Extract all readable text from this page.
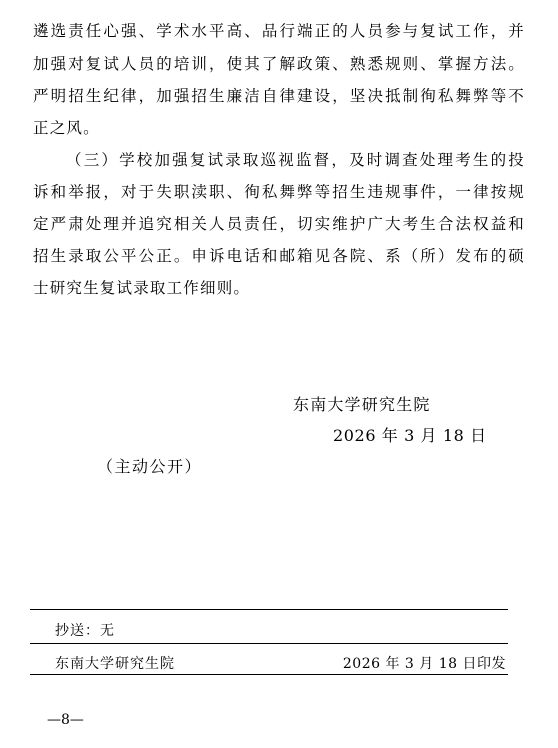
遴选责任心强、学术水平高、品行端正的人员参与复试工作，并
加强对复试人员的培训，使其了解政策、熟悉规则、掌握方法。
严明招生纪律，加强招生廉洁自律建设，坚决抵制徇私舞弊等不
正之风。
（三）学校加强复试录取巡视监督，及时调查处理考生的投
诉和举报，对于失职渎职、徇私舞弊等招生违规事件，一律按规
定严肃处理并追究相关人员责任，切实维护广大考生合法权益和
招生录取公平公正。申诉电话和邮箱见各院、系（所）发布的硕
士研究生复试录取工作细则。
东南大学研究生院
2026 年 3 月 18 日
（主动公开）
抄送：无
东南大学研究生院	2026 年 3 月 18 日印发
—8—
